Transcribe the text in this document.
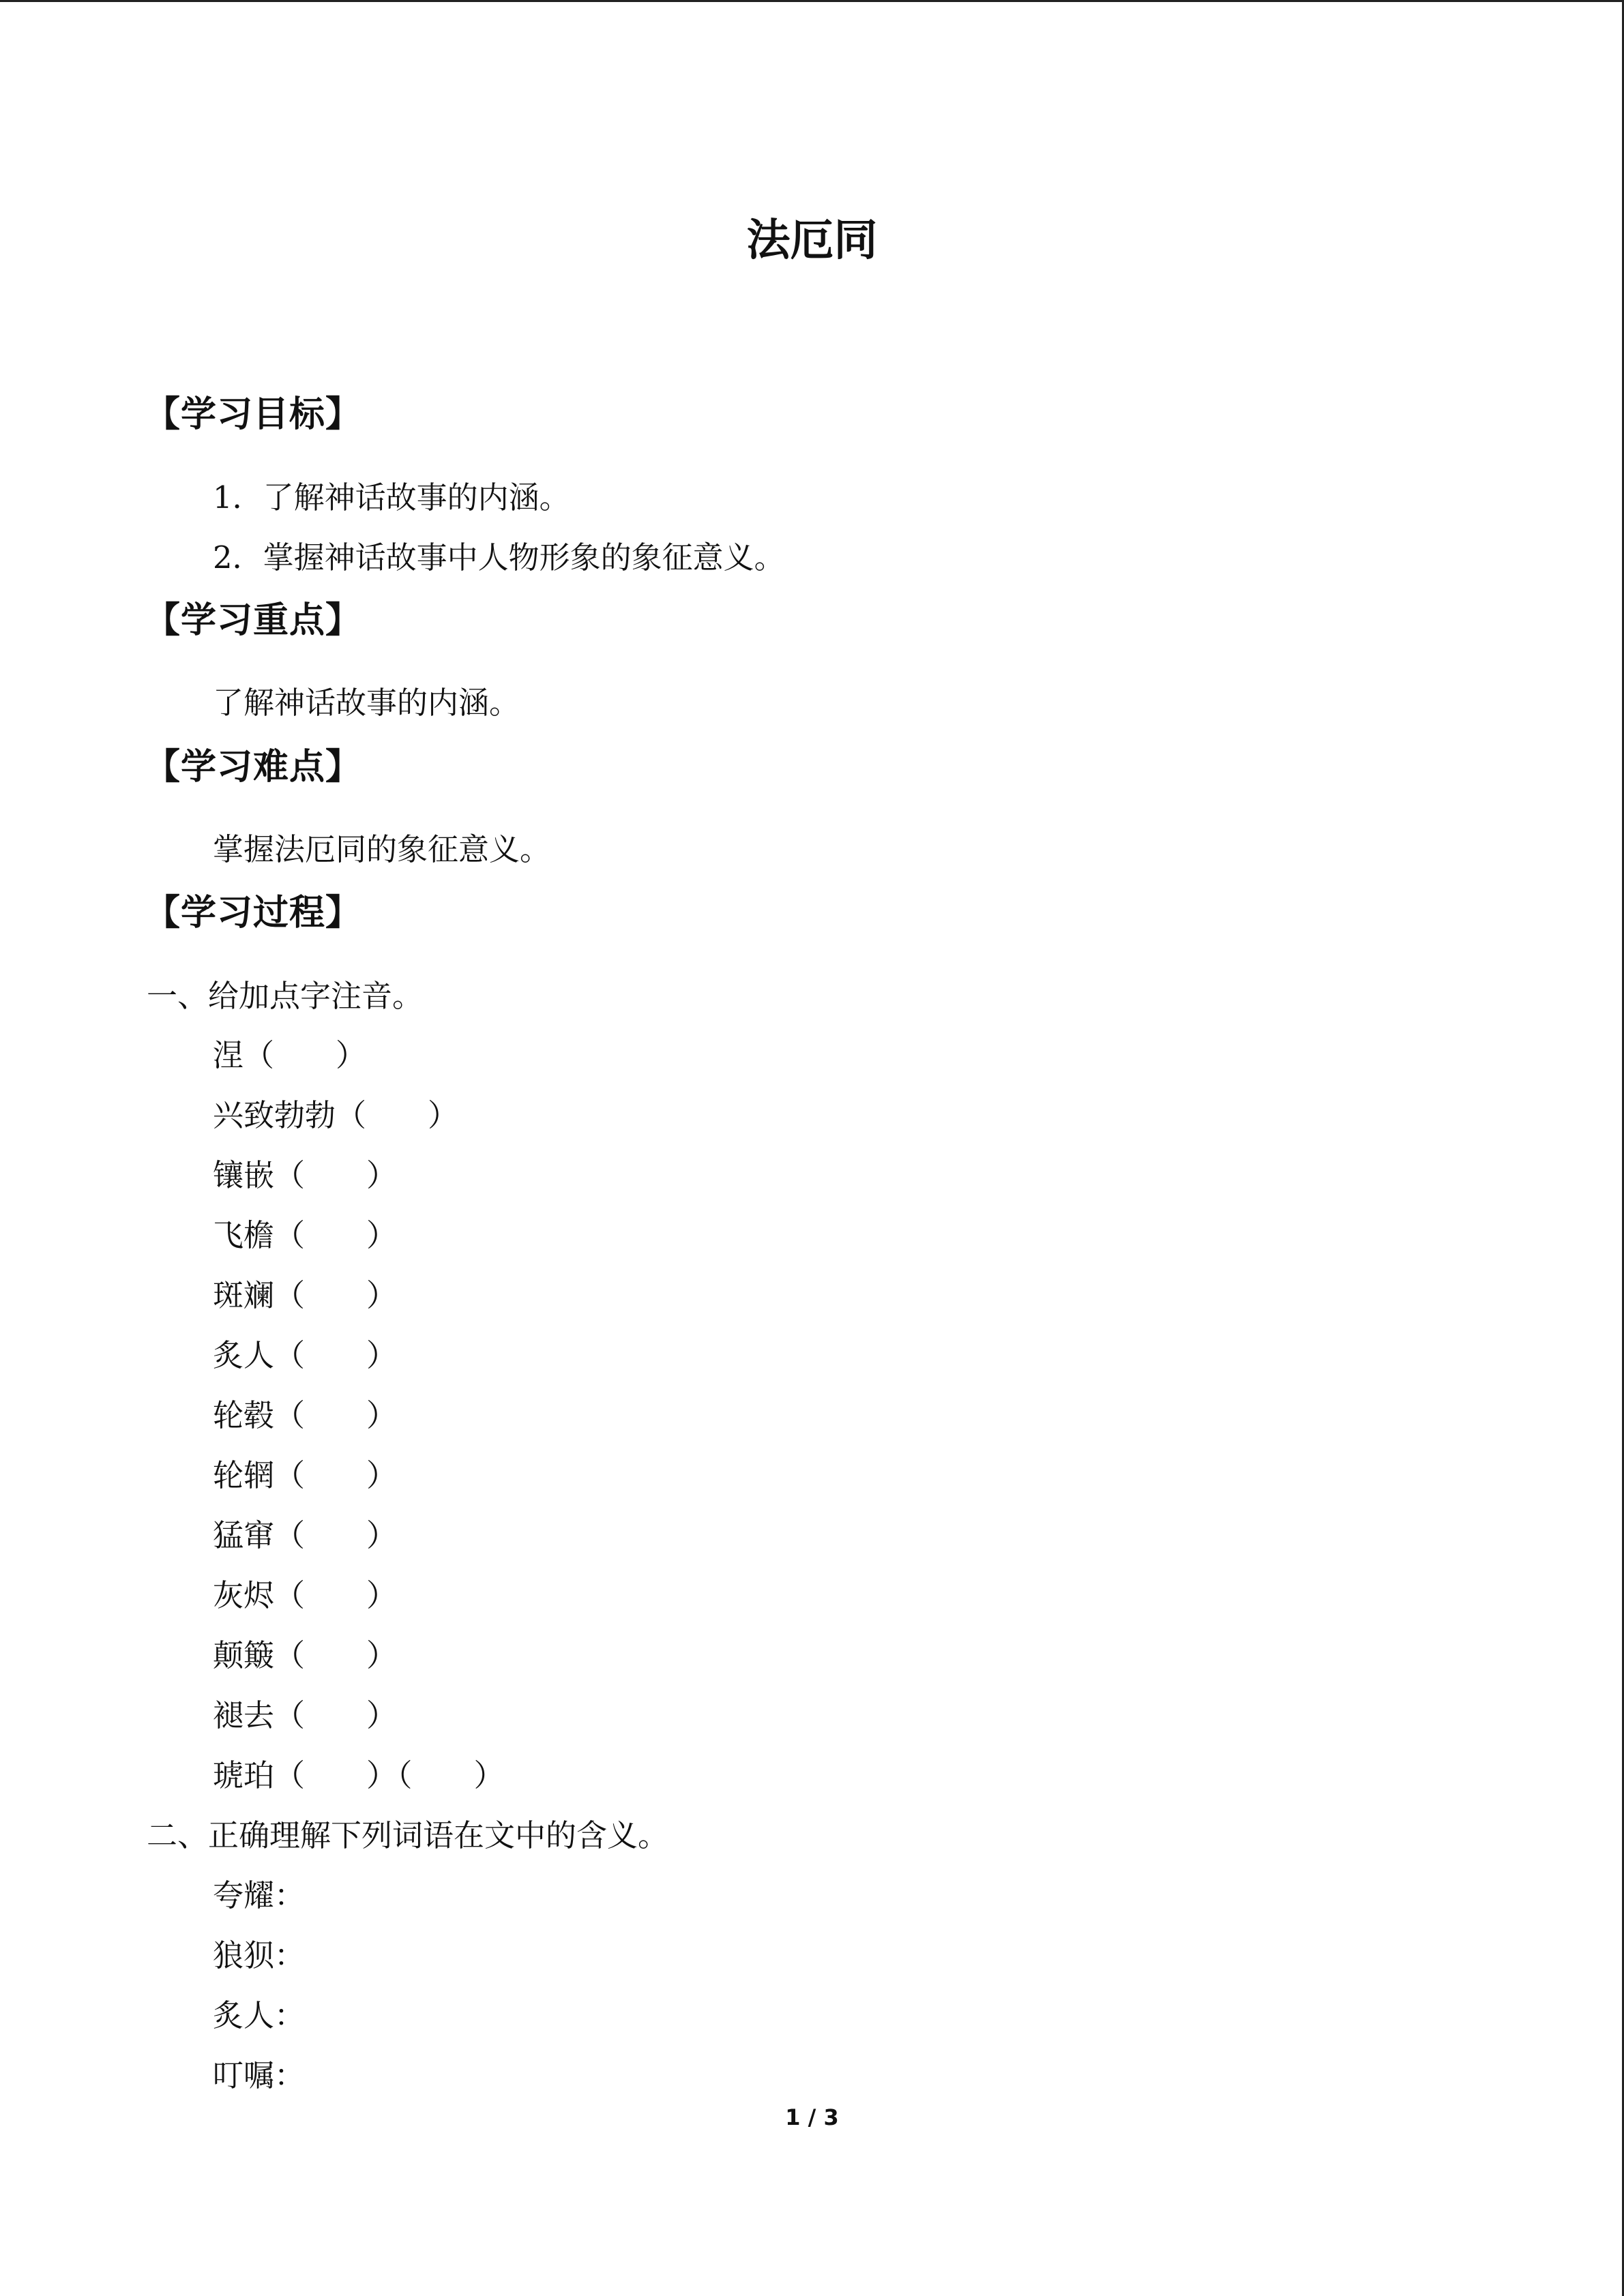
法厄同
【学习目标】
1．了解神话故事的内涵。
2．掌握神话故事中人物形象的象征意义。
【学习重点】
了解神话故事的内涵。
【学习难点】
掌握法厄同的象征意义。
【学习过程】
一、给加点字注音。
涅（　　）
兴致勃勃（　　）
镶嵌（　　）
飞檐（　　）
斑斓（　　）
炙人（　　）
轮毂（　　）
轮辋（　　）
猛窜（　　）
灰烬（　　）
颠簸（　　）
褪去（　　）
琥珀（　　）（　　）
二、正确理解下列词语在文中的含义。
夸耀：
狼狈：
炙人：
叮嘱：
1 / 3
